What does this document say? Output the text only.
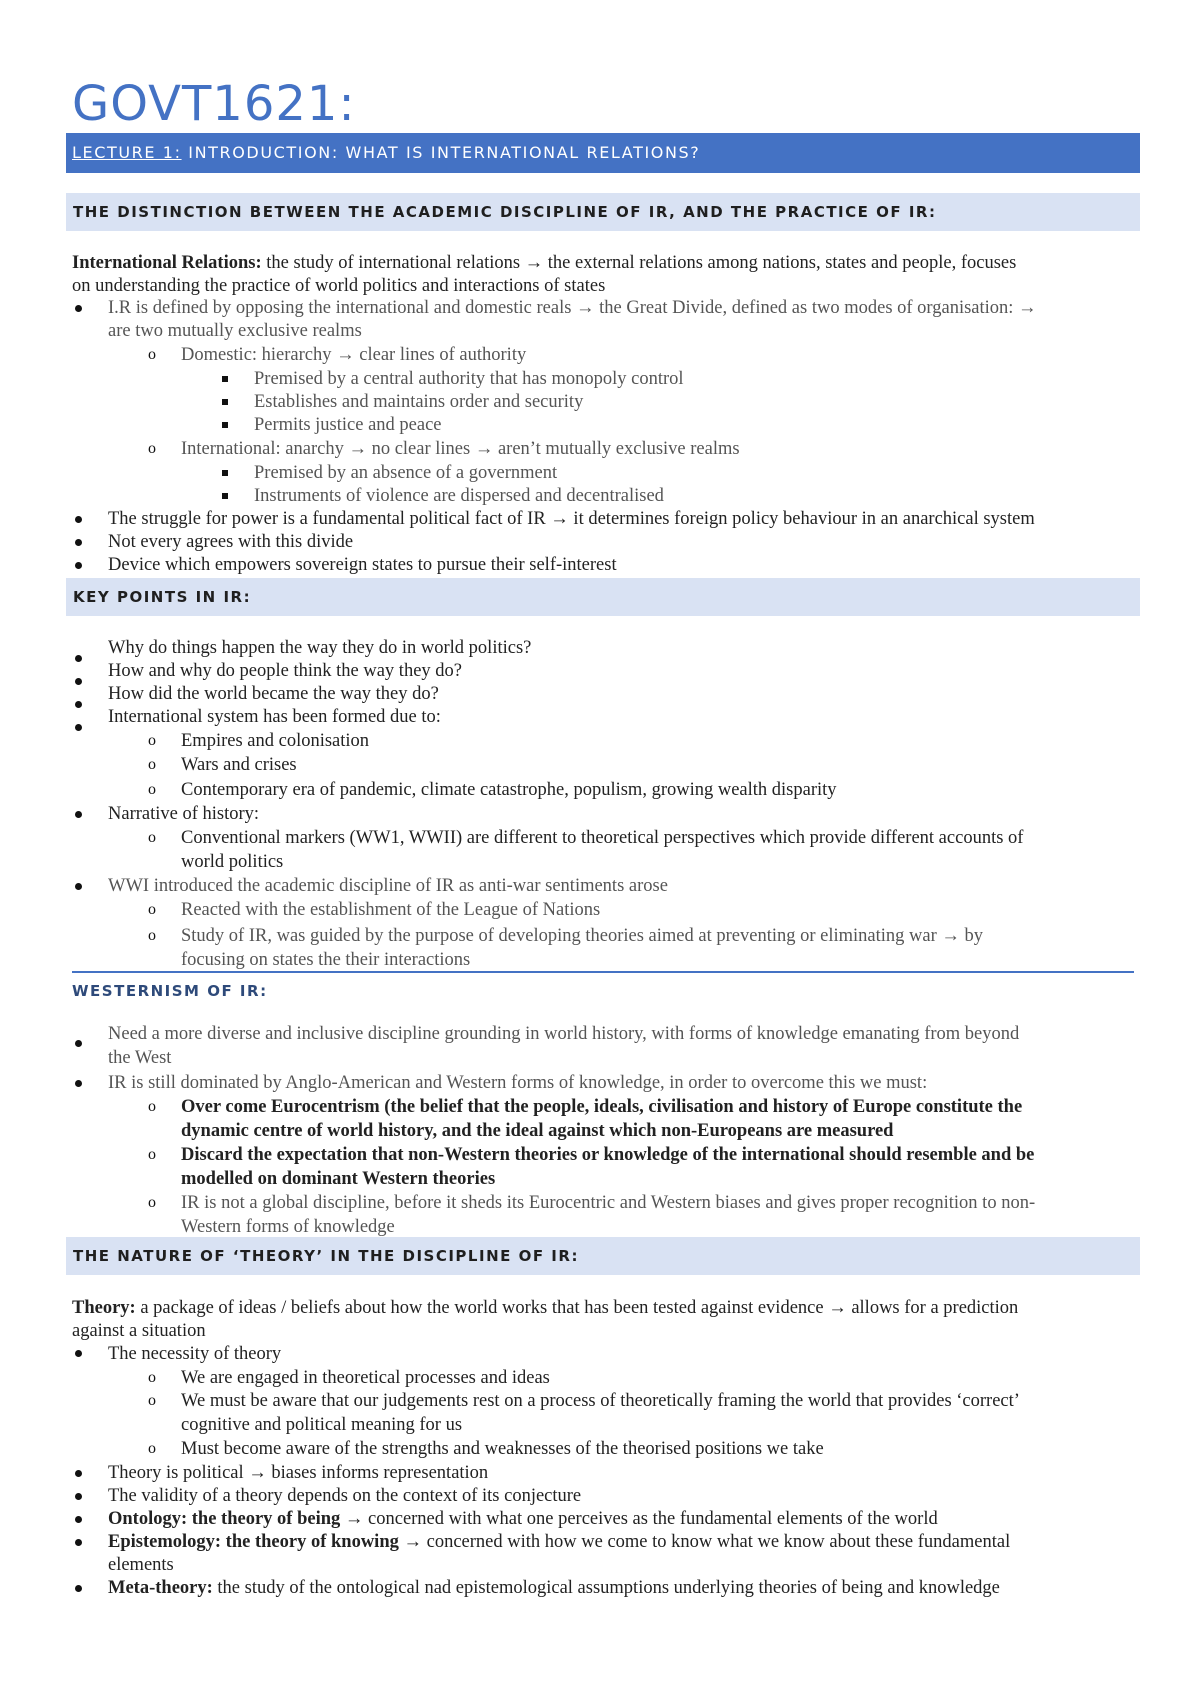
GOVT1621:
LECTURE 1: INTRODUCTION: WHAT IS INTERNATIONAL RELATIONS?
THE DISTINCTION BETWEEN THE ACADEMIC DISCIPLINE OF IR, AND THE PRACTICE OF IR:
International Relations: the study of international relations → the external relations among nations, states and people, focuses
on understanding the practice of world politics and interactions of states
I.R is defined by opposing the international and domestic reals → the Great Divide, defined as two modes of organisation: →
are two mutually exclusive realms
o Domestic: hierarchy → clear lines of authority
Premised by a central authority that has monopoly control
Establishes and maintains order and security
Permits justice and peace
o International: anarchy → no clear lines → aren’t mutually exclusive realms
Premised by an absence of a government
Instruments of violence are dispersed and decentralised
The struggle for power is a fundamental political fact of IR → it determines foreign policy behaviour in an anarchical system
Not every agrees with this divide
Device which empowers sovereign states to pursue their self-interest
KEY POINTS IN IR:
Why do things happen the way they do in world politics?
How and why do people think the way they do?
How did the world became the way they do?
International system has been formed due to:
o Empires and colonisation
o Wars and crises
o Contemporary era of pandemic, climate catastrophe, populism, growing wealth disparity
Narrative of history:
o Conventional markers (WW1, WWII) are different to theoretical perspectives which provide different accounts of
world politics
WWI introduced the academic discipline of IR as anti-war sentiments arose
o Reacted with the establishment of the League of Nations
o Study of IR, was guided by the purpose of developing theories aimed at preventing or eliminating war → by
focusing on states the their interactions
WESTERNISM OF IR:
Need a more diverse and inclusive discipline grounding in world history, with forms of knowledge emanating from beyond
the West
IR is still dominated by Anglo-American and Western forms of knowledge, in order to overcome this we must:
o Over come Eurocentrism (the belief that the people, ideals, civilisation and history of Europe constitute the
dynamic centre of world history, and the ideal against which non-Europeans are measured
o Discard the expectation that non-Western theories or knowledge of the international should resemble and be
modelled on dominant Western theories
o IR is not a global discipline, before it sheds its Eurocentric and Western biases and gives proper recognition to non-
Western forms of knowledge
THE NATURE OF ‘THEORY’ IN THE DISCIPLINE OF IR:
Theory: a package of ideas / beliefs about how the world works that has been tested against evidence → allows for a prediction
against a situation
The necessity of theory
o We are engaged in theoretical processes and ideas
o We must be aware that our judgements rest on a process of theoretically framing the world that provides ‘correct’
cognitive and political meaning for us
o Must become aware of the strengths and weaknesses of the theorised positions we take
Theory is political → biases informs representation
The validity of a theory depends on the context of its conjecture
Ontology: the theory of being → concerned with what one perceives as the fundamental elements of the world
Epistemology: the theory of knowing → concerned with how we come to know what we know about these fundamental
elements
Meta-theory: the study of the ontological nad epistemological assumptions underlying theories of being and knowledge
